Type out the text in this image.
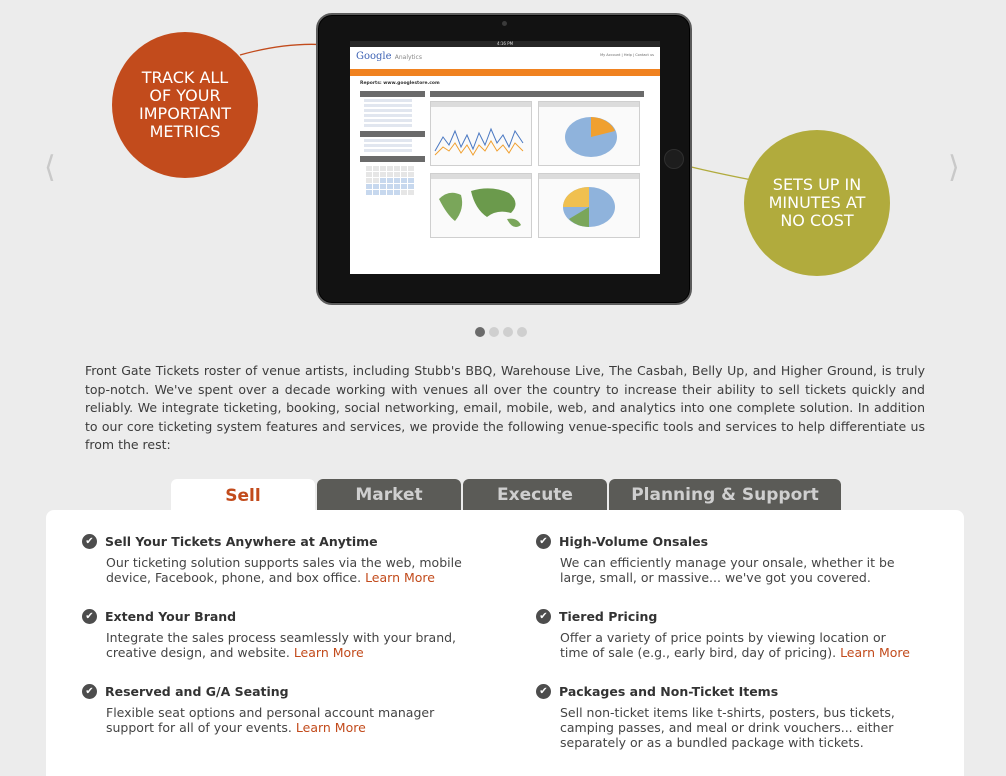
⟨	⟩
4:16 PM
Google Analytics	My Account | Help | Contact us
Reports: www.googlestore.com
TRACK ALL OF YOUR IMPORTANT METRICS
SETS UP IN MINUTES AT NO COST

Front Gate Tickets roster of venue artists, including Stubb's BBQ, Warehouse Live, The Casbah, Belly Up, and Higher Ground, is truly top-notch. We've spent over a decade working with venues all over the country to increase their ability to sell tickets quickly and reliably. We integrate ticketing, booking, social networking, email, mobile, web, and analytics into one complete solution. In addition to our core ticketing system features and services, we provide the following venue-specific tools and services to help differentiate us from the rest:

Sell	Market	Execute	Planning & Support
✔ Sell Your Tickets Anywhere at Anytime

Our ticketing solution supports sales via the web, mobile device, Facebook, phone, and box office. Learn More

✔ High-Volume Onsales

We can efficiently manage your onsale, whether it be large, small, or massive... we've got you covered.

✔ Extend Your Brand

Integrate the sales process seamlessly with your brand, creative design, and website. Learn More

✔ Tiered Pricing

Offer a variety of price points by viewing location or time of sale (e.g., early bird, day of pricing). Learn More

✔ Reserved and G/A Seating

Flexible seat options and personal account manager support for all of your events. Learn More

✔ Packages and Non-Ticket Items

Sell non-ticket items like t-shirts, posters, bus tickets, camping passes, and meal or drink vouchers... either separately or as a bundled package with tickets.
